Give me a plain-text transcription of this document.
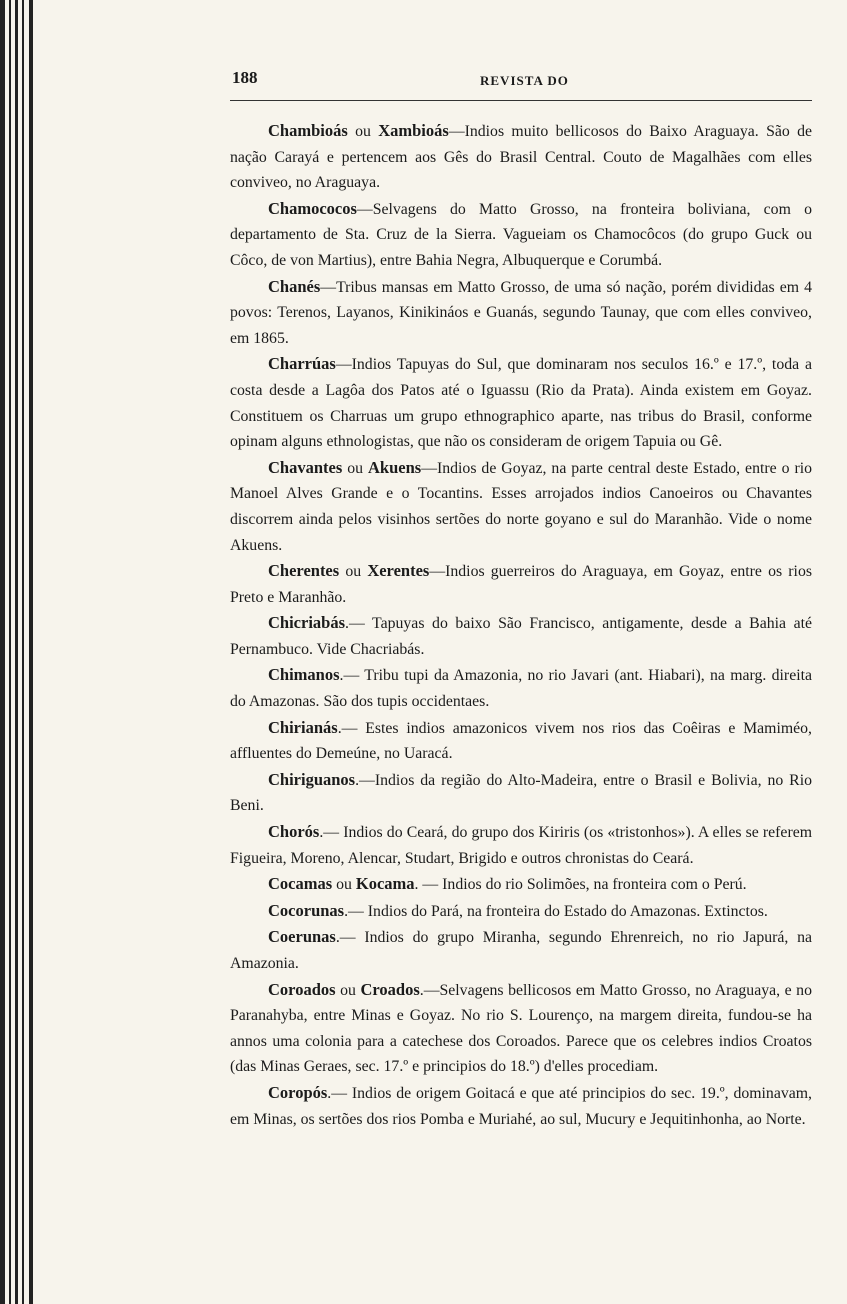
188	REVISTA DO

Chambioás ou Xambioás—Indios muito bellicosos do Baixo Araguaya. São de nação Carayá e pertencem aos Gês do Brasil Central. Couto de Magalhães com elles conviveo, no Araguaya.

Chamococos—Selvagens do Matto Grosso, na fronteira boliviana, com o departamento de Sta. Cruz de la Sierra. Vagueiam os Chamocôcos (do grupo Guck ou Côco, de von Martius), entre Bahia Negra, Albuquerque e Corumbá.

Chanés—Tribus mansas em Matto Grosso, de uma só nação, porém divididas em 4 povos: Terenos, Layanos, Kinikináos e Guanás, segundo Taunay, que com elles conviveo, em 1865.

Charrúas—Indios Tapuyas do Sul, que dominaram nos seculos 16.º e 17.º, toda a costa desde a Lagôa dos Patos até o Iguassu (Rio da Prata). Ainda existem em Goyaz. Constituem os Charruas um grupo ethnographico aparte, nas tribus do Brasil, conforme opinam alguns ethnologistas, que não os consideram de origem Tapuia ou Gê.

Chavantes ou Akuens—Indios de Goyaz, na parte central deste Estado, entre o rio Manoel Alves Grande e o Tocantins. Esses arrojados indios Canoeiros ou Chavantes discorrem ainda pelos visinhos sertões do norte goyano e sul do Maranhão. Vide o nome Akuens.

Cherentes ou Xerentes—Indios guerreiros do Araguaya, em Goyaz, entre os rios Preto e Maranhão.

Chicriabás.— Tapuyas do baixo São Francisco, antigamente, desde a Bahia até Pernambuco. Vide Chacriabás.

Chimanos.— Tribu tupi da Amazonia, no rio Javari (ant. Hiabari), na marg. direita do Amazonas. São dos tupis occidentaes.

Chirianás.— Estes indios amazonicos vivem nos rios das Coêiras e Mamiméo, affluentes do Demeúne, no Uaracá.

Chiriguanos.—Indios da região do Alto-Madeira, entre o Brasil e Bolivia, no Rio Beni.

Chorós.— Indios do Ceará, do grupo dos Kiriris (os «tristonhos»). A elles se referem Figueira, Moreno, Alencar, Studart, Brigido e outros chronistas do Ceará.

Cocamas ou Kocama. — Indios do rio Solimões, na fronteira com o Perú.

Cocorunas.— Indios do Pará, na fronteira do Estado do Amazonas. Extinctos.

Coerunas.— Indios do grupo Miranha, segundo Ehrenreich, no rio Japurá, na Amazonia.

Coroados ou Croados.—Selvagens bellicosos em Matto Grosso, no Araguaya, e no Paranahyba, entre Minas e Goyaz. No rio S. Lourenço, na margem direita, fundou-se ha annos uma colonia para a catechese dos Coroados. Parece que os celebres indios Croatos (das Minas Geraes, sec. 17.º e principios do 18.º) d'elles procediam.

Coropós.— Indios de origem Goitacá e que até principios do sec. 19.º, dominavam, em Minas, os sertões dos rios Pomba e Muriahé, ao sul, Mucury e Jequitinhonha, ao Norte.
